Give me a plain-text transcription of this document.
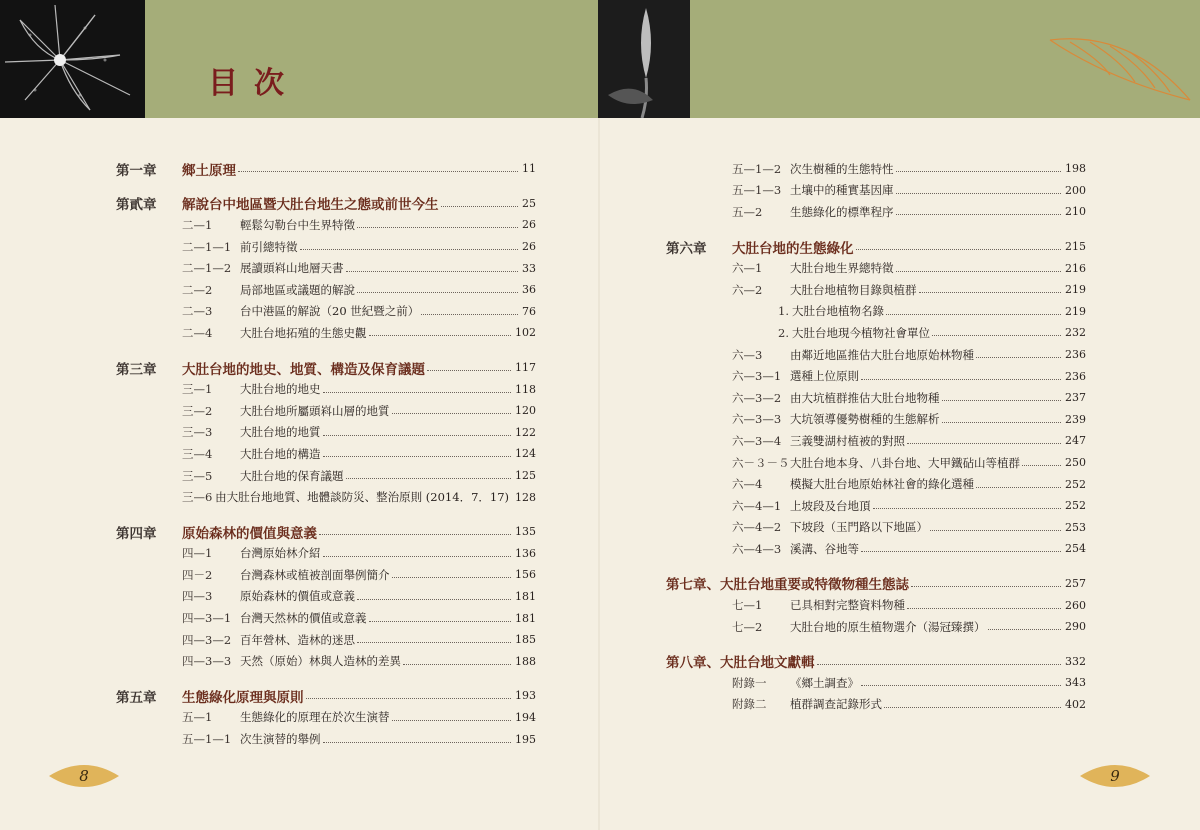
目次
第一章	鄉土原理	11
第貳章	解說台中地區暨大肚台地生之態或前世今生	25
二—1	輕鬆勾勒台中生界特徵	26
二—1—1 前引總特徵	26
二—1—2 展讀頭嵙山地層天書	33
二—2	局部地區或議題的解說	36
二—3	台中港區的解說（20 世紀暨之前）	76
二—4	大肚台地拓殖的生態史觀	102
第三章	大肚台地的地史、地質、構造及保育議題	117
三—1	大肚台地的地史	118
三—2	大肚台地所屬頭嵙山層的地質	120
三—3	大肚台地的地質	122
三—4	大肚台地的構造	124
三—5	大肚台地的保育議題	125
三—6 由大肚台地地質、地體談防災、整治原則 (2014．7．17) 128
第四章	原始森林的價值與意義	135
四—1	台灣原始林介紹	136
四－2	台灣森林或植被剖面舉例簡介	156
四—3	原始森林的價值或意義	181
四—3—1 台灣天然林的價值或意義	181
四—3—2 百年營林、造林的迷思	185
四—3—3 天然（原始）林與人造林的差異	188
第五章	生態綠化原理與原則	193
五—1	生態綠化的原理在於次生演替	194
五—1—1 次生演替的舉例	195
五—1—2 次生樹種的生態特性	198
五—1—3 土壤中的種實基因庫	200
五—2	生態綠化的標準程序	210
第六章	大肚台地的生態綠化	215
六—1	大肚台地生界總特徵	216
六—2	大肚台地植物目錄與植群	219
1. 大肚台地植物名錄	219
2. 大肚台地現今植物社會單位	232
六—3	由鄰近地區推估大肚台地原始林物種	236
六—3—1 選種上位原則	236
六—3—2 由大坑植群推估大肚台地物種	237
六—3—3 大坑領導優勢樹種的生態解析	239
六—3—4 三義雙湖村植被的對照	247
六－３－５ 大肚台地本身、八卦台地、大甲鐵砧山等植群	250
六—4	模擬大肚台地原始林社會的綠化選種	252
六—4—1 上坡段及台地頂	252
六—4—2 下坡段（玉門路以下地區）	253
六—4—3 溪溝、谷地等	254
第七章、大肚台地重要或特徵物種生態誌	257
七—1	已具相對完整資料物種	260
七—2	大肚台地的原生植物選介（湯冠臻撰）	290
第八章、大肚台地文獻輯	332
附錄一	《鄉土調查》	343
附錄二	植群調查記錄形式	402
8	9
